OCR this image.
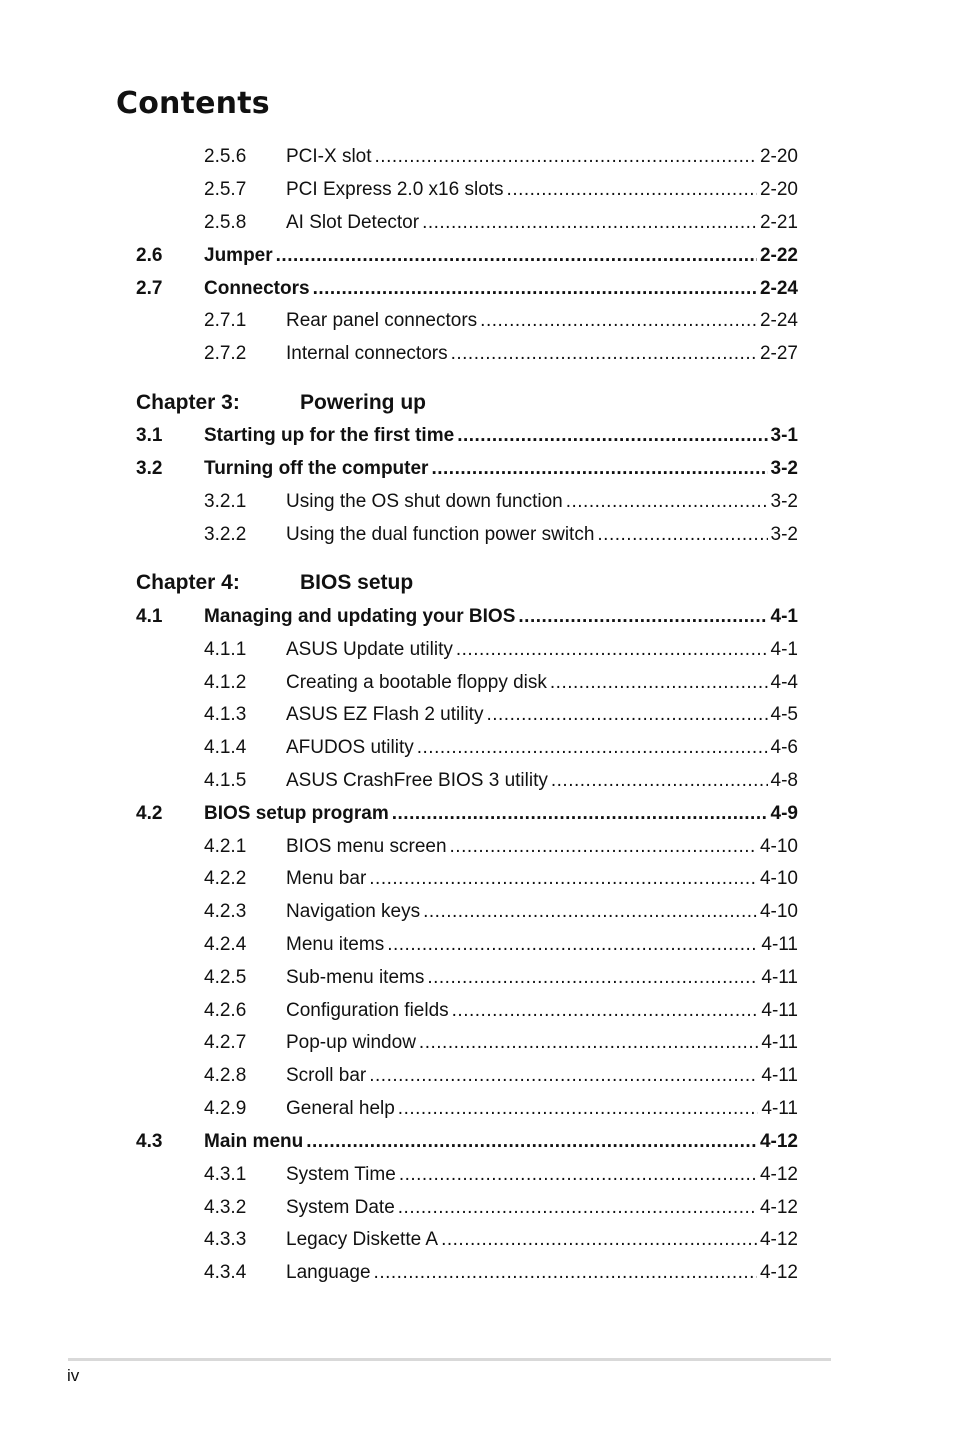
Contents
2.5.6 PCI-X slot .....	2-20
2.5.7 PCI Express 2.0 x16 slots .....	2-20
2.5.8 AI Slot Detector .....	2-21
2.6 Jumper .....	2-22
2.7 Connectors .....	2-24
2.7.1 Rear panel connectors .....	2-24
2.7.2 Internal connectors .....	2-27
Chapter 3:	Powering up
3.1 Starting up for the first time .....	3-1
3.2 Turning off the computer .....	3-2
3.2.1 Using the OS shut down function .....	3-2
3.2.2 Using the dual function power switch .....	3-2
Chapter 4:	BIOS setup
4.1 Managing and updating your BIOS .....	4-1
4.1.1 ASUS Update utility .....	4-1
4.1.2 Creating a bootable floppy disk .....	4-4
4.1.3 ASUS EZ Flash 2 utility .....	4-5
4.1.4 AFUDOS utility .....	4-6
4.1.5 ASUS CrashFree BIOS 3 utility .....	4-8
4.2 BIOS setup program .....	4-9
4.2.1 BIOS menu screen .....	4-10
4.2.2 Menu bar .....	4-10
4.2.3 Navigation keys .....	4-10
4.2.4 Menu items .....	4-11
4.2.5 Sub-menu items .....	4-11
4.2.6 Configuration fields .....	4-11
4.2.7 Pop-up window .....	4-11
4.2.8 Scroll bar .....	4-11
4.2.9 General help .....	4-11
4.3 Main menu .....	4-12
4.3.1 System Time .....	4-12
4.3.2 System Date .....	4-12
4.3.3 Legacy Diskette A .....	4-12
4.3.4 Language .....	4-12
iv
